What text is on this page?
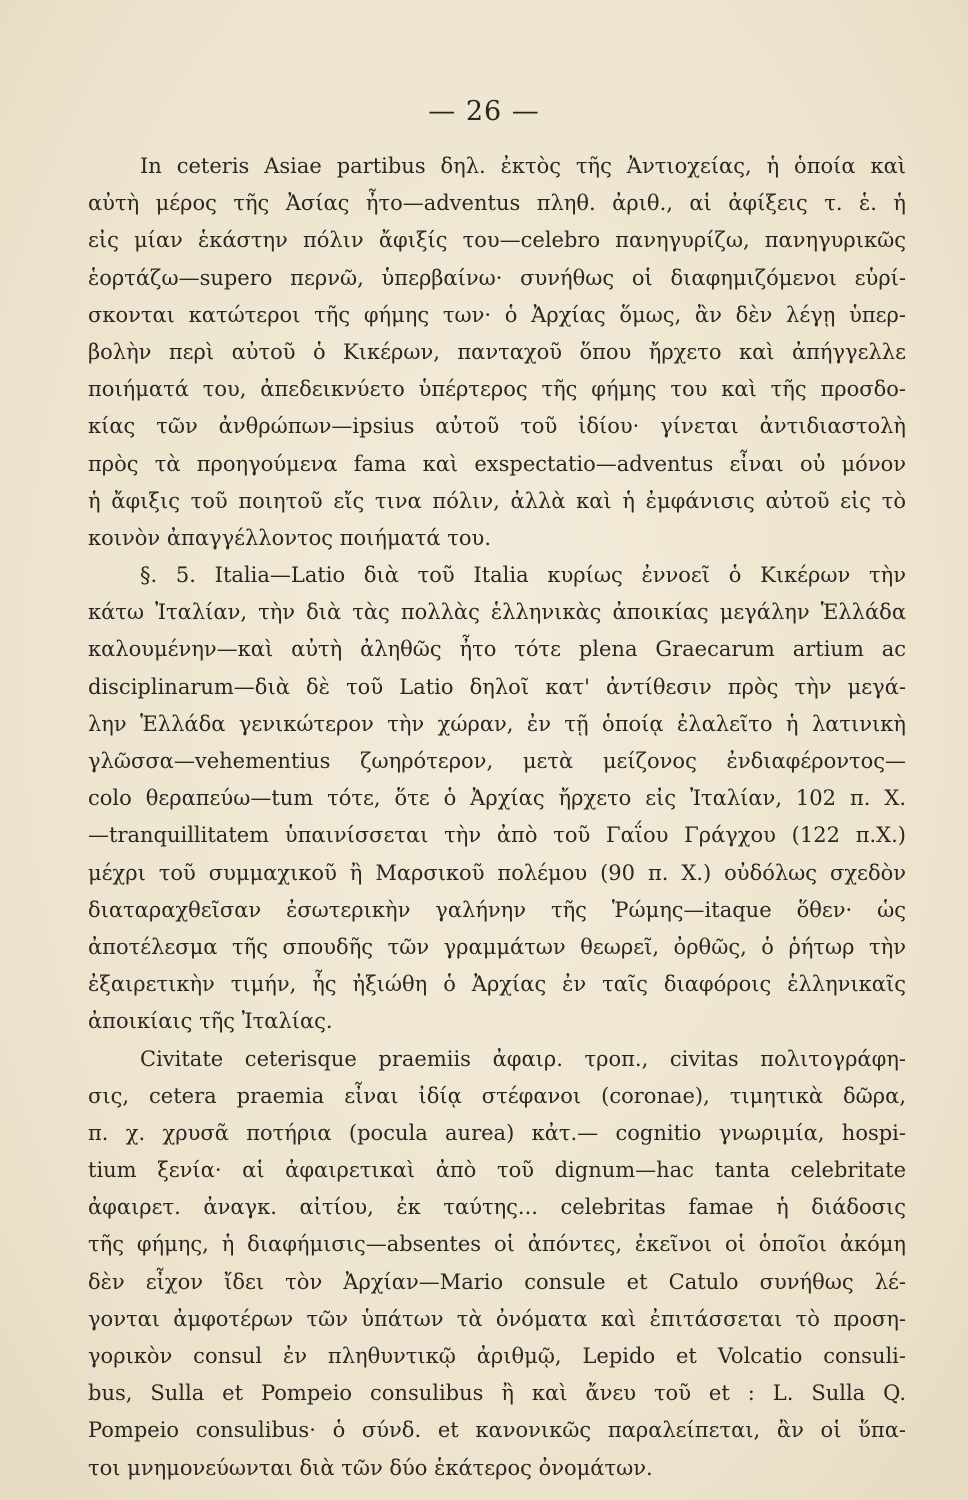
— 26 —
In ceteris Asiae partibus δηλ. ἐκτὸς τῆς Ἀντιοχείας, ἡ ὁποία καὶ
αὐτὴ μέρος τῆς Ἀσίας ἦτο—adventus πληθ. ἀριθ., αἱ ἀφίξεις τ. ἑ. ἡ
εἰς μίαν ἑκάστην πόλιν ἄφιξίς του—celebro πανηγυρίζω, πανηγυρικῶς
ἑορτάζω—supero περνῶ, ὑπερβαίνω· συνήθως οἱ διαφημιζόμενοι εὑρί-
σκονται κατώτεροι τῆς φήμης των· ὁ Ἀρχίας ὅμως, ἂν δὲν λέγῃ ὑπερ-
βολὴν περὶ αὐτοῦ ὁ Κικέρων, πανταχοῦ ὅπου ἤρχετο καὶ ἀπήγγελλε
ποιήματά του, ἀπεδεικνύετο ὑπέρτερος τῆς φήμης του καὶ τῆς προσδο-
κίας τῶν ἀνθρώπων—ipsius αὐτοῦ τοῦ ἰδίου· γίνεται ἀντιδιαστολὴ
πρὸς τὰ προηγούμενα fama καὶ exspectatio—adventus εἶναι οὐ μόνον
ἡ ἄφιξις τοῦ ποιητοῦ εἴς τινα πόλιν, ἀλλὰ καὶ ἡ ἐμφάνισις αὐτοῦ εἰς τὸ
κοινὸν ἀπαγγέλλοντος ποιήματά του.
§. 5. Italia—Latio διὰ τοῦ Italia κυρίως ἐννοεῖ ὁ Κικέρων τὴν
κάτω Ἰταλίαν, τὴν διὰ τὰς πολλὰς ἑλληνικὰς ἀποικίας μεγάλην Ἑλλάδα
καλουμένην—καὶ αὐτὴ ἀληθῶς ἦτο τότε plena Graecarum artium ac
disciplinarum—διὰ δὲ τοῦ Latio δηλοῖ κατ' ἀντίθεσιν πρὸς τὴν μεγά-
λην Ἑλλάδα γενικώτερον τὴν χώραν, ἐν τῇ ὁποίᾳ ἐλαλεῖτο ἡ λατινικὴ
γλῶσσα—vehementius ζωηρότερον, μετὰ μείζονος ἐνδιαφέροντος—
colo θεραπεύω—tum τότε, ὅτε ὁ Ἀρχίας ἤρχετο εἰς Ἰταλίαν, 102 π. Χ.
—tranquillitatem ὑπαινίσσεται τὴν ἀπὸ τοῦ Γαΐου Γράγχου (122 π.Χ.)
μέχρι τοῦ συμμαχικοῦ ἢ Μαρσικοῦ πολέμου (90 π. Χ.) οὐδόλως σχεδὸν
διαταραχθεῖσαν ἐσωτερικὴν γαλήνην τῆς Ῥώμης—itaque ὅθεν· ὡς
ἀποτέλεσμα τῆς σπουδῆς τῶν γραμμάτων θεωρεῖ, ὀρθῶς, ὁ ῥήτωρ τὴν
ἐξαιρετικὴν τιμήν, ἧς ἠξιώθη ὁ Ἀρχίας ἐν ταῖς διαφόροις ἑλληνικαῖς
ἀποικίαις τῆς Ἰταλίας.
Civitate ceterisque praemiis ἀφαιρ. τροπ., civitas πολιτογράφη-
σις, cetera praemia εἶναι ἰδίᾳ στέφανοι (coronae), τιμητικὰ δῶρα,
π. χ. χρυσᾶ ποτήρια (pocula aurea) κἀτ.— cognitio γνωριμία, hospi-
tium ξενία· αἱ ἀφαιρετικαὶ ἀπὸ τοῦ dignum—hac tanta celebritate
ἀφαιρετ. ἀναγκ. αἰτίου, ἐκ ταύτης... celebritas famae ἡ διάδοσις
τῆς φήμης, ἡ διαφήμισις—absentes οἱ ἀπόντες, ἐκεῖνοι οἱ ὁποῖοι ἀκόμη
δὲν εἶχον ἴδει τὸν Ἀρχίαν—Mario consule et Catulo συνήθως λέ-
γονται ἀμφοτέρων τῶν ὑπάτων τὰ ὀνόματα καὶ ἐπιτάσσεται τὸ προση-
γορικὸν consul ἐν πληθυντικῷ ἀριθμῷ, Lepido et Volcatio consuli-
bus, Sulla et Pompeio consulibus ἢ καὶ ἄνευ τοῦ et : L. Sulla Q.
Pompeio consulibus· ὁ σύνδ. et κανονικῶς παραλείπεται, ἂν οἱ ὕπα-
τοι μνημονεύωνται διὰ τῶν δύο ἑκάτερος ὀνομάτων.
